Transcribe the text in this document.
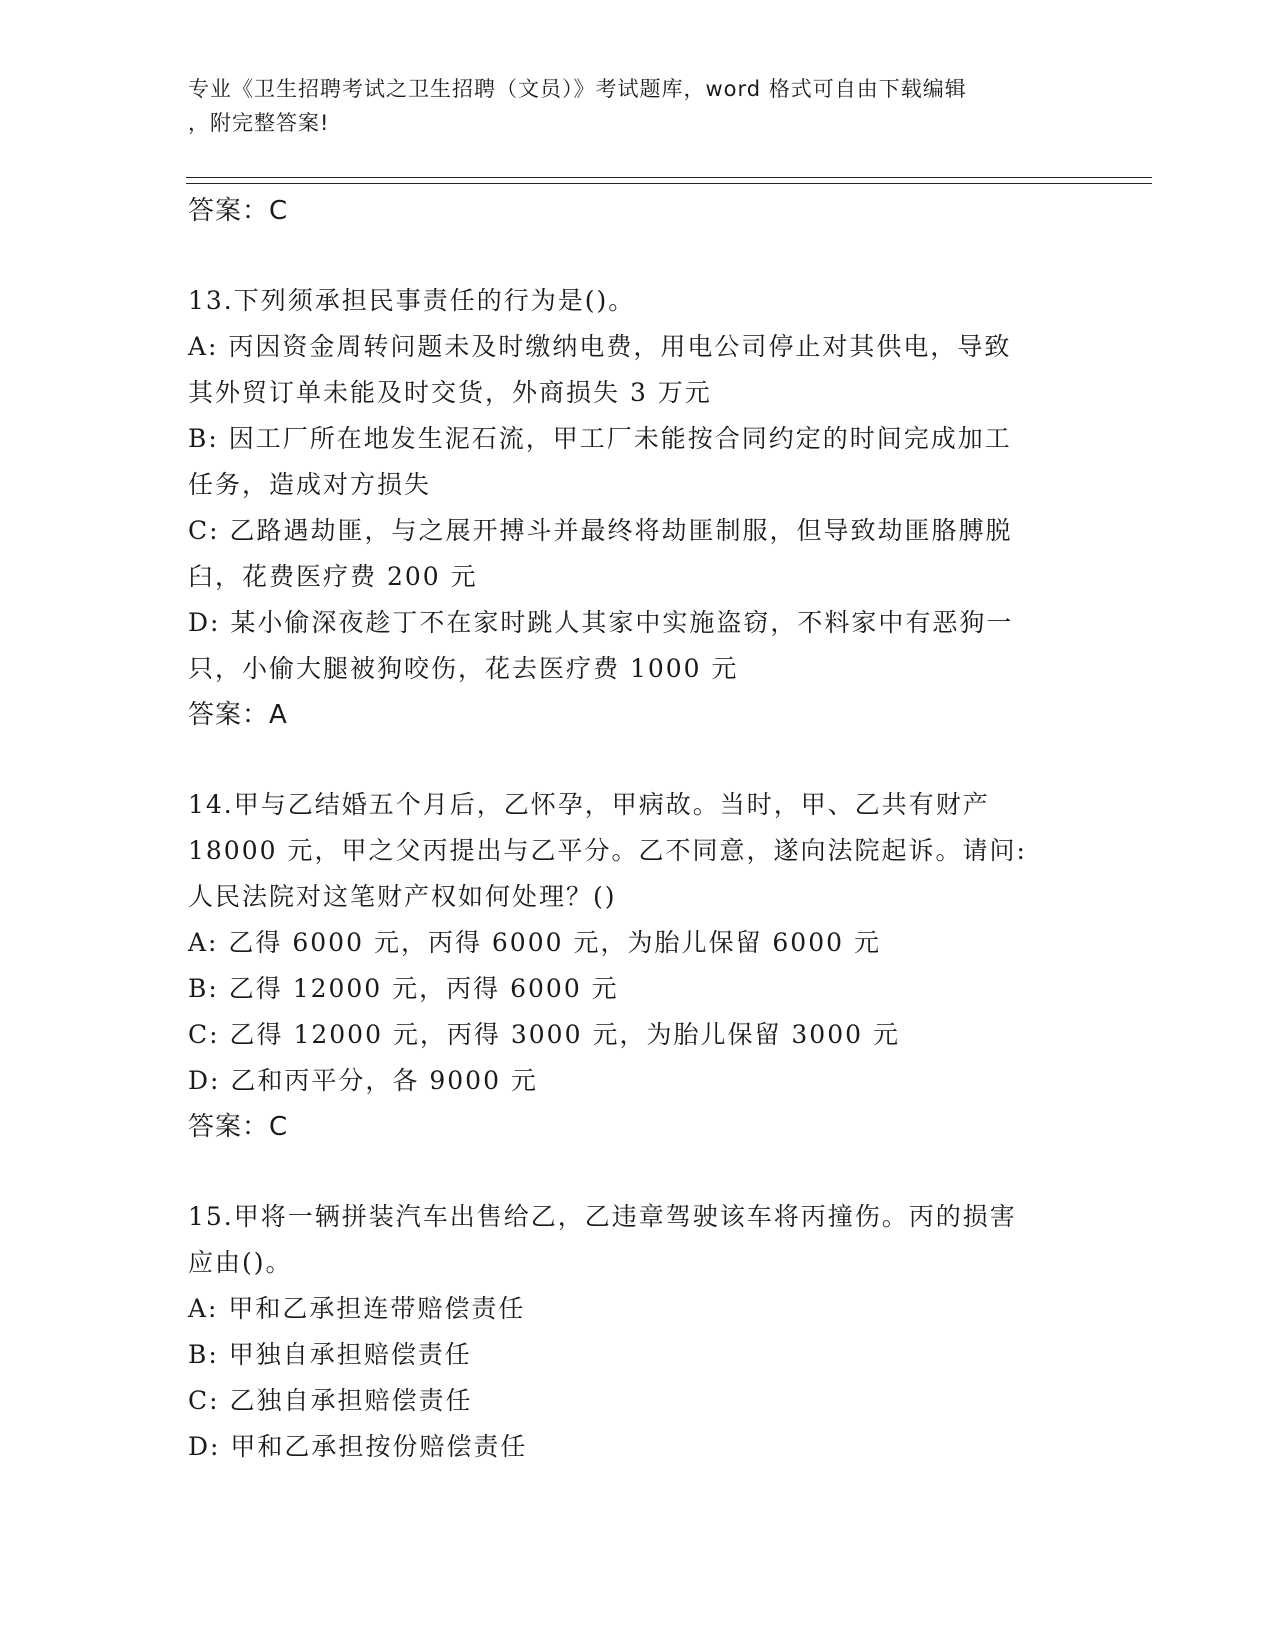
专业《卫生招聘考试之卫生招聘（文员）》考试题库，word 格式可自由下载编辑
，附完整答案!
答案：C
13.下列须承担民事责任的行为是()。
A: 丙因资金周转问题未及时缴纳电费，用电公司停止对其供电，导致
其外贸订单未能及时交货，外商损失 3 万元
B: 因工厂所在地发生泥石流，甲工厂未能按合同约定的时间完成加工
任务，造成对方损失
C: 乙路遇劫匪，与之展开搏斗并最终将劫匪制服，但导致劫匪胳膊脱
臼，花费医疗费 200 元
D: 某小偷深夜趁丁不在家时跳人其家中实施盗窃，不料家中有恶狗一
只，小偷大腿被狗咬伤，花去医疗费 1000 元
答案：A
14.甲与乙结婚五个月后，乙怀孕，甲病故。当时，甲、乙共有财产
18000 元，甲之父丙提出与乙平分。乙不同意，遂向法院起诉。请问:
人民法院对这笔财产权如何处理？()
A: 乙得 6000 元，丙得 6000 元，为胎儿保留 6000 元
B: 乙得 12000 元，丙得 6000 元
C: 乙得 12000 元，丙得 3000 元，为胎儿保留 3000 元
D: 乙和丙平分，各 9000 元
答案：C
15.甲将一辆拼装汽车出售给乙，乙违章驾驶该车将丙撞伤。丙的损害
应由()。
A: 甲和乙承担连带赔偿责任
B: 甲独自承担赔偿责任
C: 乙独自承担赔偿责任
D: 甲和乙承担按份赔偿责任
